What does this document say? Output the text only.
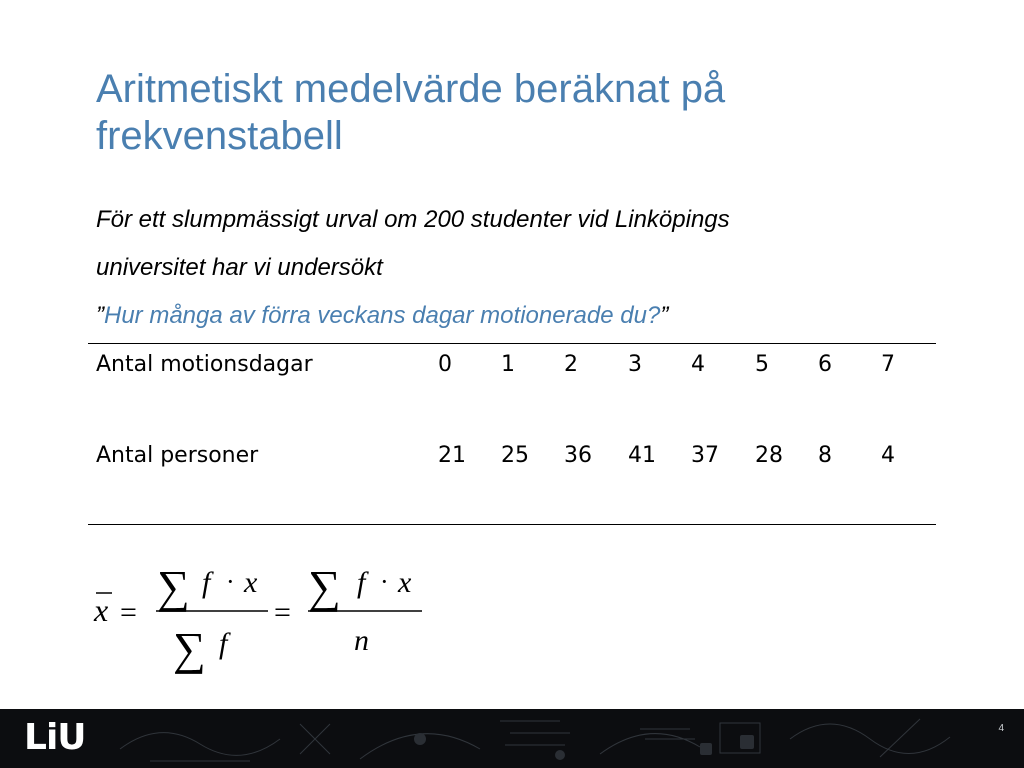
Aritmetiskt medelvärde beräknat på frekvenstabell

För ett slumpmässigt urval om 200 studenter vid Linköpings

universitet har vi undersökt

”Hur många av förra veckans dagar motionerade du?”

Antal motionsdagar	0 1 2 3 4 5 6 7
Antal personer	21 25 36 41 37 28 8 4
x =
∑ f · x
∑ f
=
∑ f · x
n
LiU	4
